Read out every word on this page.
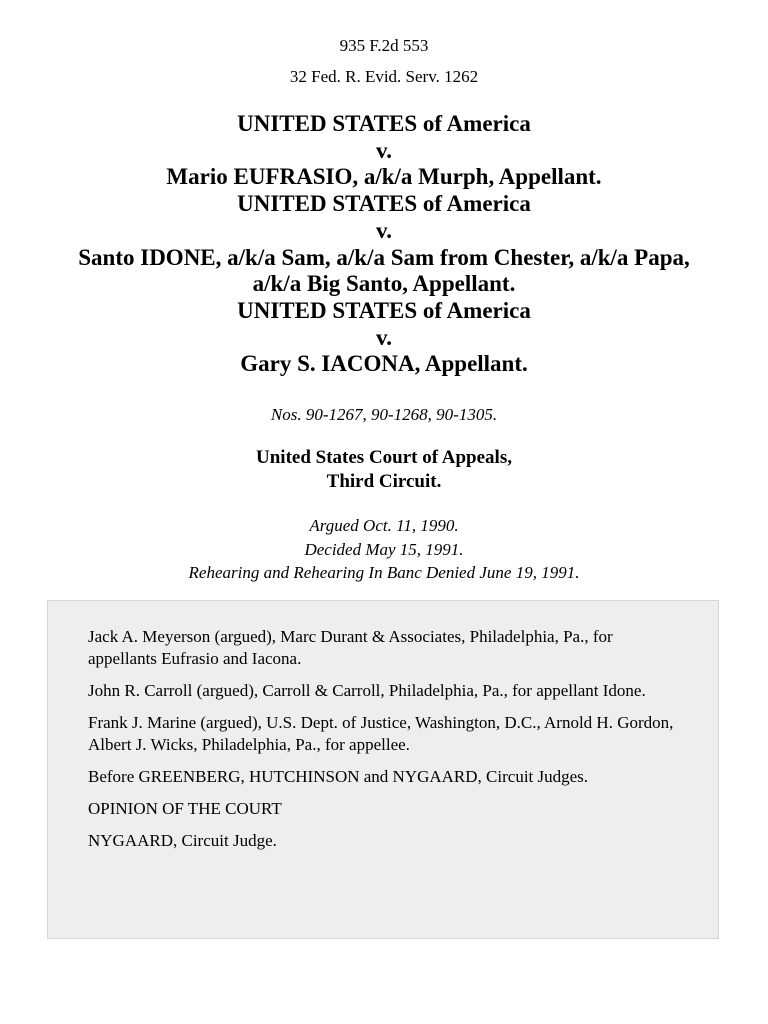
935 F.2d 553
32 Fed. R. Evid. Serv. 1262
UNITED STATES of America
v.
Mario EUFRASIO, a/k/a Murph, Appellant.
UNITED STATES of America
v.
Santo IDONE, a/k/a Sam, a/k/a Sam from Chester, a/k/a Papa,
a/k/a Big Santo, Appellant.
UNITED STATES of America
v.
Gary S. IACONA, Appellant.
Nos. 90-1267, 90-1268, 90-1305.
United States Court of Appeals,
Third Circuit.
Argued Oct. 11, 1990.
Decided May 15, 1991.
Rehearing and Rehearing In Banc Denied June 19, 1991.

Jack A. Meyerson (argued), Marc Durant & Associates, Philadelphia, Pa., for appellants Eufrasio and Iacona.

John R. Carroll (argued), Carroll & Carroll, Philadelphia, Pa., for appellant Idone.

Frank J. Marine (argued), U.S. Dept. of Justice, Washington, D.C., Arnold H. Gordon, Albert J. Wicks, Philadelphia, Pa., for appellee.

Before GREENBERG, HUTCHINSON and NYGAARD, Circuit Judges.

OPINION OF THE COURT

NYGAARD, Circuit Judge.
